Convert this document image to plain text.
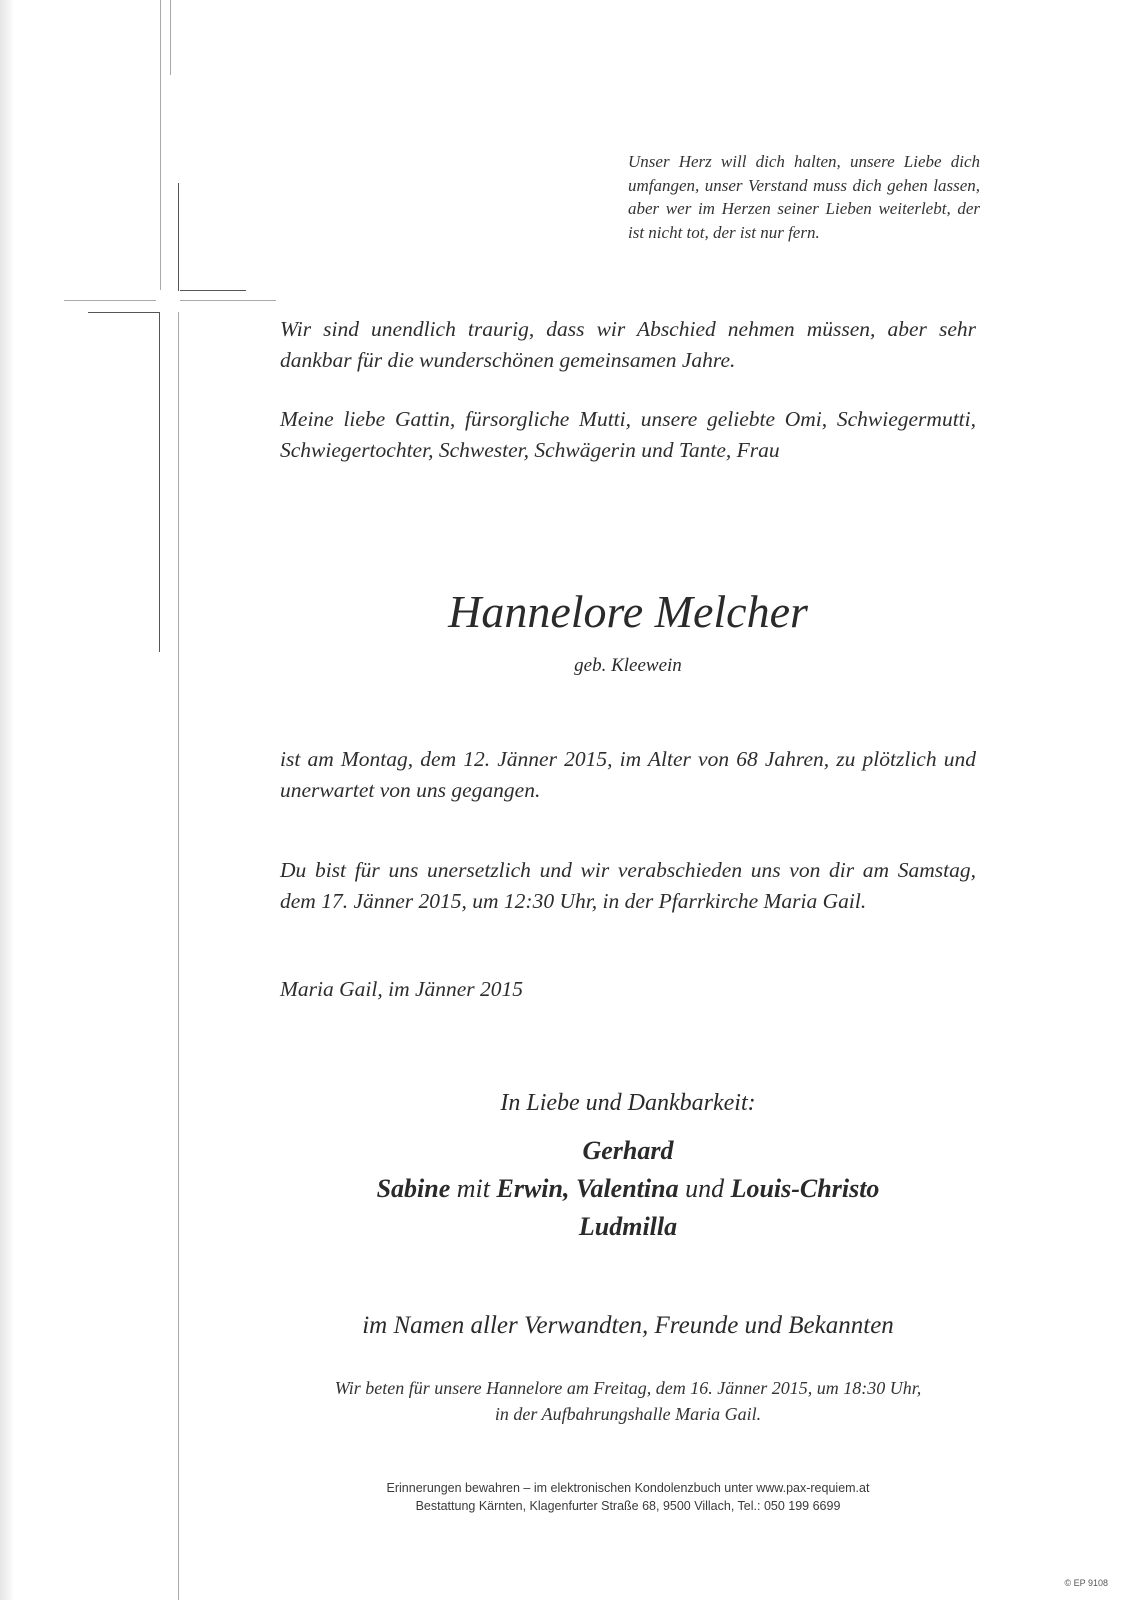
Unser Herz will dich halten, unsere Liebe dich umfangen, unser Verstand muss dich gehen lassen, aber wer im Herzen seiner Lieben weiterlebt, der ist nicht tot, der ist nur fern.

Wir sind unendlich traurig, dass wir Abschied nehmen müssen, aber sehr dankbar für die wunderschönen gemeinsamen Jahre.

Meine liebe Gattin, fürsorgliche Mutti, unsere geliebte Omi, Schwiegermutti, Schwiegertochter, Schwester, Schwägerin und Tante, Frau

Hannelore Melcher
geb. Kleewein

ist am Montag, dem 12. Jänner 2015, im Alter von 68 Jahren, zu plötzlich und unerwartet von uns gegangen.

Du bist für uns unersetzlich und wir verabschieden uns von dir am Samstag, dem 17. Jänner 2015, um 12:30 Uhr, in der Pfarrkirche Maria Gail.

Maria Gail, im Jänner 2015

In Liebe und Dankbarkeit:
Gerhard
Sabine mit Erwin, Valentina und Louis-Christo
Ludmilla
im Namen aller Verwandten, Freunde und Bekannten
Wir beten für unsere Hannelore am Freitag, dem 16. Jänner 2015, um 18:30 Uhr,
in der Aufbahrungshalle Maria Gail.
Erinnerungen bewahren – im elektronischen Kondolenzbuch unter www.pax-requiem.at
Bestattung Kärnten, Klagenfurter Straße 68, 9500 Villach, Tel.: 050 199 6699
© EP 9108
